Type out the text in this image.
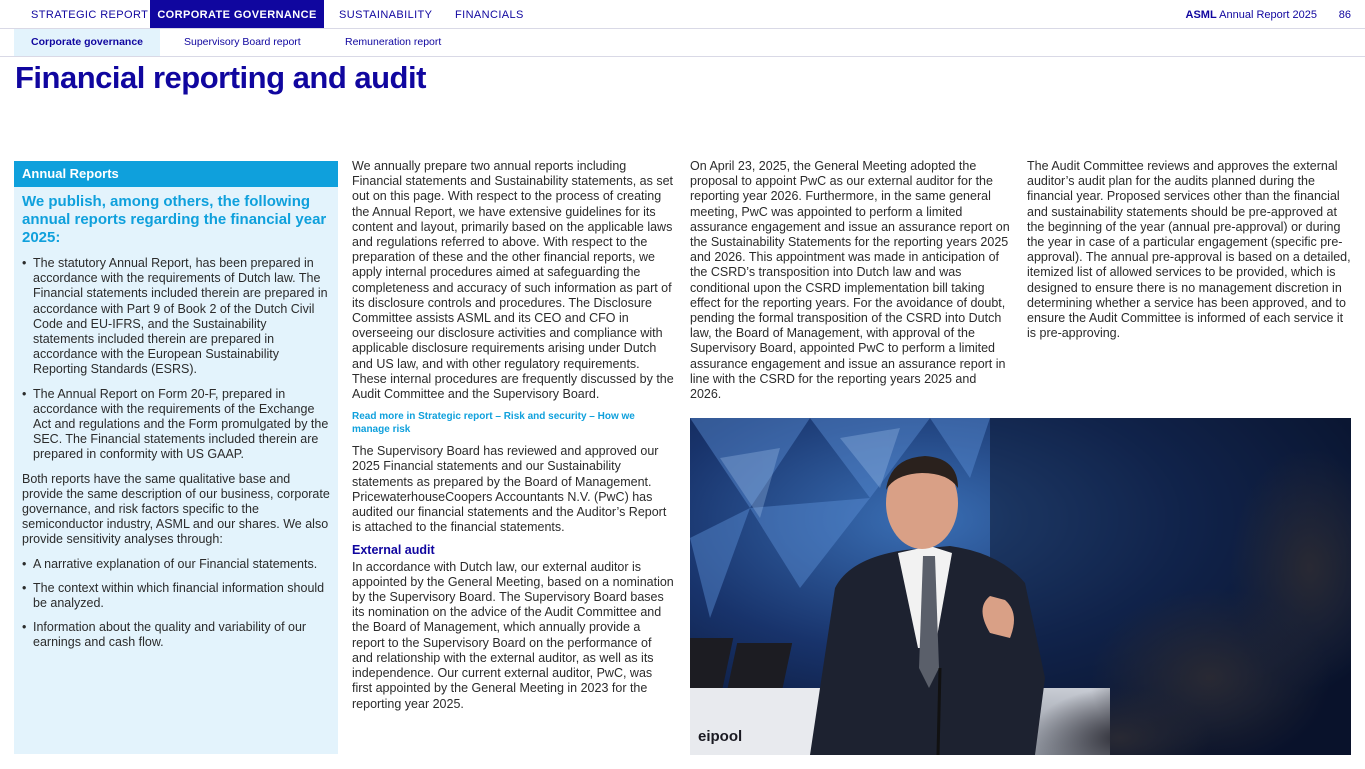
STRATEGIC REPORT CORPORATE GOVERNANCE	SUSTAINABILITY FINANCIALS	ASML Annual Report 2025 86
Corporate governance	Supervisory Board report	Remuneration report
Financial reporting and audit
Annual Reports
We publish, among others, the following annual reports regarding the financial year 2025:
• The statutory Annual Report, has been prepared in accordance with the requirements of Dutch law. The Financial statements included therein are prepared in accordance with Part 9 of Book 2 of the Dutch Civil Code and EU-IFRS, and the Sustainability statements included therein are prepared in accordance with the European Sustainability Reporting Standards (ESRS).
• The Annual Report on Form 20-F, prepared in accordance with the requirements of the Exchange Act and regulations and the Form promulgated by the SEC. The Financial statements included therein are prepared in conformity with US GAAP.

Both reports have the same qualitative base and provide the same description of our business, corporate governance, and risk factors specific to the semiconductor industry, ASML and our shares. We also provide sensitivity analyses through:

• A narrative explanation of our Financial statements.
• The context within which financial information should be analyzed.
• Information about the quality and variability of our earnings and cash flow.

We annually prepare two annual reports including Financial statements and Sustainability statements, as set out on this page. With respect to the process of creating the Annual Report, we have extensive guidelines for its content and layout, primarily based on the applicable laws and regulations referred to above. With respect to the preparation of these and the other financial reports, we apply internal procedures aimed at safeguarding the completeness and accuracy of such information as part of its disclosure controls and procedures. The Disclosure Committee assists ASML and its CEO and CFO in overseeing our disclosure activities and compliance with applicable disclosure requirements arising under Dutch and US law, and with other regulatory requirements. These internal procedures are frequently discussed by the Audit Committee and the Supervisory Board.

Read more in Strategic report – Risk and security – How we manage risk

The Supervisory Board has reviewed and approved our 2025 Financial statements and our Sustainability statements as prepared by the Board of Management. PricewaterhouseCoopers Accountants N.V. (PwC) has audited our financial statements and the Auditor’s Report is attached to the financial statements.

External audit

In accordance with Dutch law, our external auditor is appointed by the General Meeting, based on a nomination by the Supervisory Board. The Supervisory Board bases its nomination on the advice of the Audit Committee and the Board of Management, which annually provide a report to the Supervisory Board on the performance of and relationship with the external auditor, as well as its independence. Our current external auditor, PwC, was first appointed by the General Meeting in 2023 for the reporting year 2025.

On April 23, 2025, the General Meeting adopted the proposal to appoint PwC as our external auditor for the reporting year 2026. Furthermore, in the same general meeting, PwC was appointed to perform a limited assurance engagement and issue an assurance report on the Sustainability Statements for the reporting years 2025 and 2026. This appointment was made in anticipation of the CSRD’s transposition into Dutch law and was conditional upon the CSRD implementation bill taking effect for the reporting years. For the avoidance of doubt, pending the formal transposition of the CSRD into Dutch law, the Board of Management, with approval of the Supervisory Board, appointed PwC to perform a limited assurance engagement and issue an assurance report in line with the CSRD for the reporting years 2025 and 2026.

The Audit Committee reviews and approves the external auditor’s audit plan for the audits planned during the financial year. Proposed services other than the financial and sustainability statements should be pre-approved at the beginning of the year (annual pre-approval) or during the year in case of a particular engagement (specific pre-approval). The annual pre-approval is based on a detailed, itemized list of allowed services to be provided, which is designed to ensure there is no management discretion in determining whether a service has been approved, and to ensure the Audit Committee is informed of each service it is pre-approving.

eipool
